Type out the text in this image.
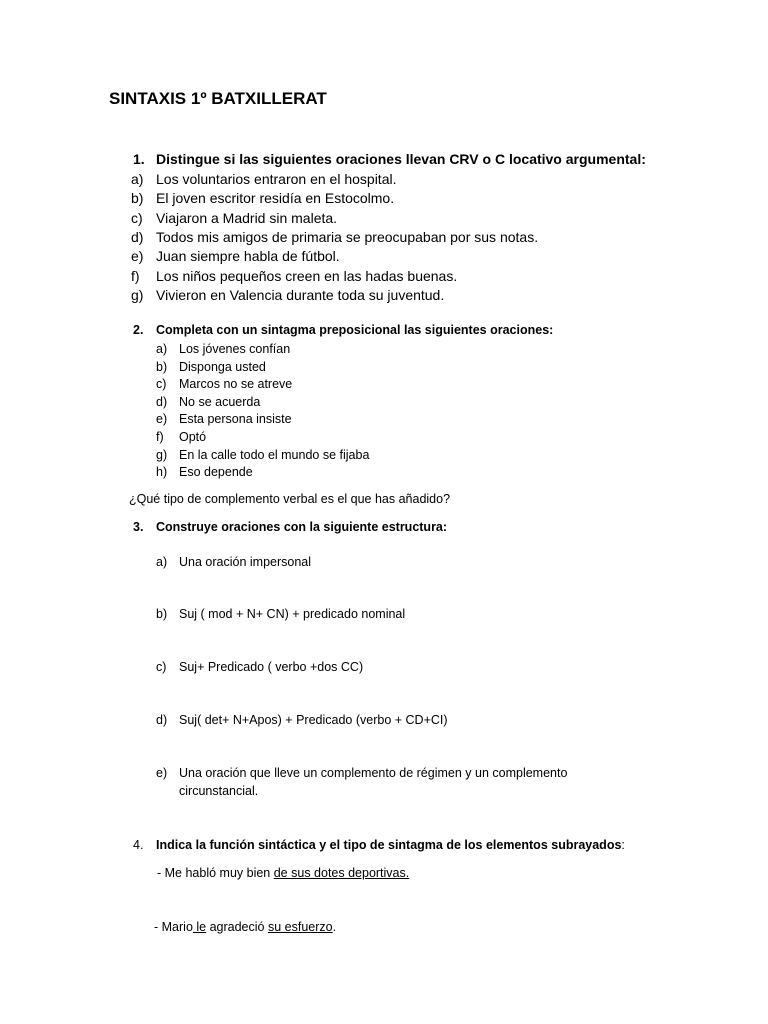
SINTAXIS 1º BATXILLERAT
1. Distingue si las siguientes oraciones llevan CRV o C locativo argumental:
a) Los voluntarios entraron en el hospital.
b) El joven escritor residía en Estocolmo.
c) Viajaron a Madrid sin maleta.
d) Todos mis amigos de primaria se preocupaban por sus notas.
e) Juan siempre habla de fútbol.
f) Los niños pequeños creen en las hadas buenas.
g) Vivieron en Valencia durante toda su juventud.
2. Completa con un sintagma preposicional las siguientes oraciones:
a) Los jóvenes confían
b) Disponga usted
c) Marcos no se atreve
d) No se acuerda
e) Esta persona insiste
f) Optó
g) En la calle todo el mundo se fijaba
h) Eso depende
¿Qué tipo de complemento verbal es el que has añadido?
3. Construye oraciones con la siguiente estructura:
a) Una oración impersonal
b) Suj ( mod + N+ CN) + predicado nominal
c) Suj+ Predicado ( verbo +dos CC)
d) Suj( det+ N+Apos) + Predicado (verbo + CD+CI)
e) Una oración que lleve un complemento de régimen y un complemento
circunstancial.
4. Indica la función sintáctica y el tipo de sintagma de los elementos subrayados:
- Me habló muy bien de sus dotes deportivas.
- Mario le agradeció su esfuerzo.
